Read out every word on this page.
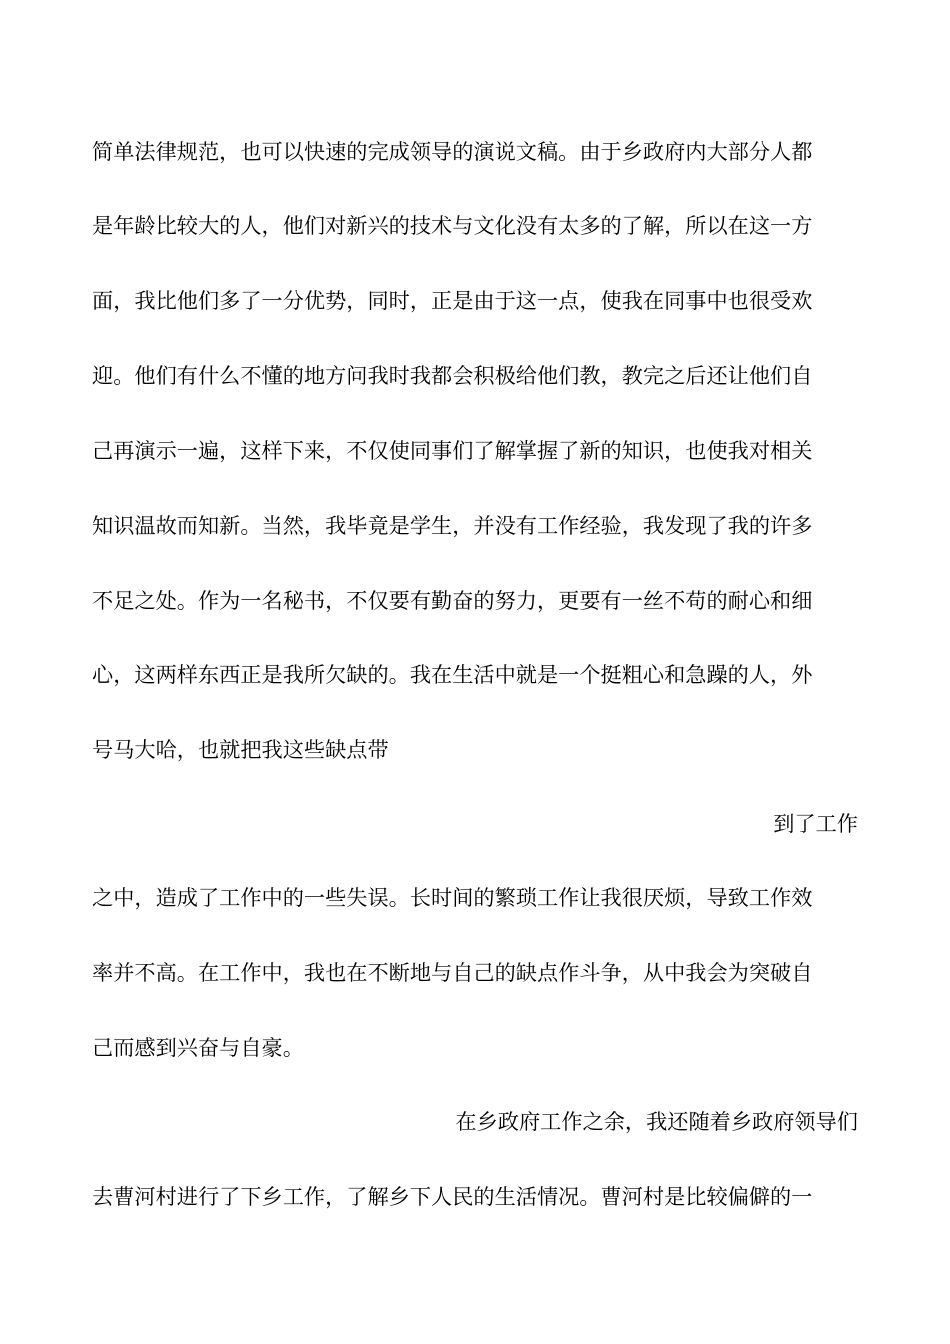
简单法律规范，也可以快速的完成领导的演说文稿。由于乡政府内大部分人都
是年龄比较大的人，他们对新兴的技术与文化没有太多的了解，所以在这一方
面，我比他们多了一分优势，同时，正是由于这一点，使我在同事中也很受欢
迎。他们有什么不懂的地方问我时我都会积极给他们教，教完之后还让他们自
己再演示一遍，这样下来，不仅使同事们了解掌握了新的知识，也使我对相关
知识温故而知新。当然，我毕竟是学生，并没有工作经验，我发现了我的许多
不足之处。作为一名秘书，不仅要有勤奋的努力，更要有一丝不苟的耐心和细
心，这两样东西正是我所欠缺的。我在生活中就是一个挺粗心和急躁的人，外
号马大哈，也就把我这些缺点带
到了工作
之中，造成了工作中的一些失误。长时间的繁琐工作让我很厌烦，导致工作效
率并不高。在工作中，我也在不断地与自己的缺点作斗争，从中我会为突破自
己而感到兴奋与自豪。
在乡政府工作之余，我还随着乡政府领导们
去曹河村进行了下乡工作，了解乡下人民的生活情况。曹河村是比较偏僻的一
